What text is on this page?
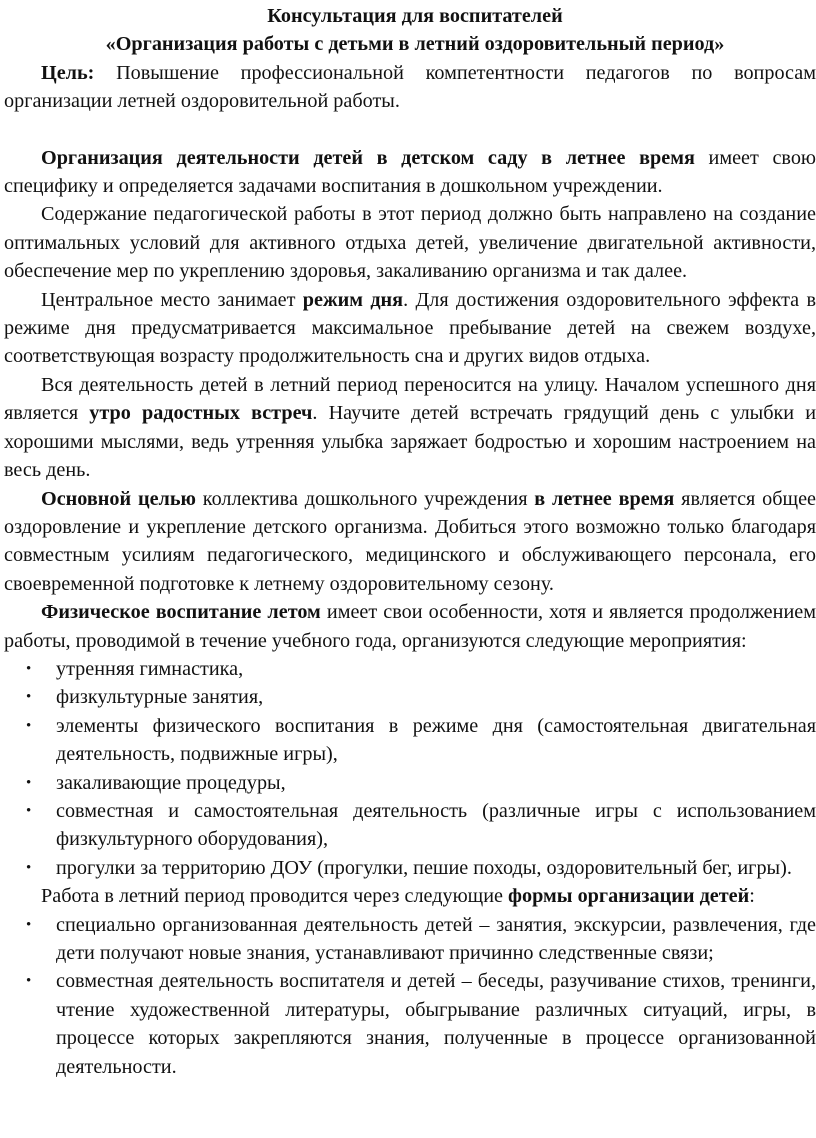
Консультация для воспитателей
«Организация работы с детьми в летний оздоровительный период»

Цель: Повышение профессиональной компетентности педагогов по вопросам организации летней оздоровительной работы.

Организация деятельности детей в детском саду в летнее время имеет свою специфику и определяется задачами воспитания в дошкольном учреждении.

Содержание педагогической работы в этот период должно быть направлено на создание оптимальных условий для активного отдыха детей, увеличение двигательной активности, обеспечение мер по укреплению здоровья, закаливанию организма и так далее.

Центральное место занимает режим дня. Для достижения оздоровительного эффекта в режиме дня предусматривается максимальное пребывание детей на свежем воздухе, соответствующая возрасту продолжительность сна и других видов отдыха.

Вся деятельность детей в летний период переносится на улицу. Началом успешного дня является утро радостных встреч. Научите детей встречать грядущий день с улыбки и хорошими мыслями, ведь утренняя улыбка заряжает бодростью и хорошим настроением на весь день.

Основной целью коллектива дошкольного учреждения в летнее время является общее оздоровление и укрепление детского организма. Добиться этого возможно только благодаря совместным усилиям педагогического, медицинского и обслуживающего персонала, его своевременной подготовке к летнему оздоровительному сезону.

Физическое воспитание летом имеет свои особенности, хотя и является продолжением работы, проводимой в течение учебного года, организуются следующие мероприятия:

• утренняя гимнастика,
• физкультурные занятия,
• элементы физического воспитания в режиме дня (самостоятельная двигательная деятельность, подвижные игры),
• закаливающие процедуры,
• совместная и самостоятельная деятельность (различные игры с использованием физкультурного оборудования),
• прогулки за территорию ДОУ (прогулки, пешие походы, оздоровительный бег, игры).

Работа в летний период проводится через следующие формы организации детей:

• специально организованная деятельность детей – занятия, экскурсии, развлечения, где дети получают новые знания, устанавливают причинно следственные связи;
• совместная деятельность воспитателя и детей – беседы, разучивание стихов, тренинги, чтение художественной литературы, обыгрывание различных ситуаций, игры, в процессе которых закрепляются знания, полученные в процессе организованной деятельности.
